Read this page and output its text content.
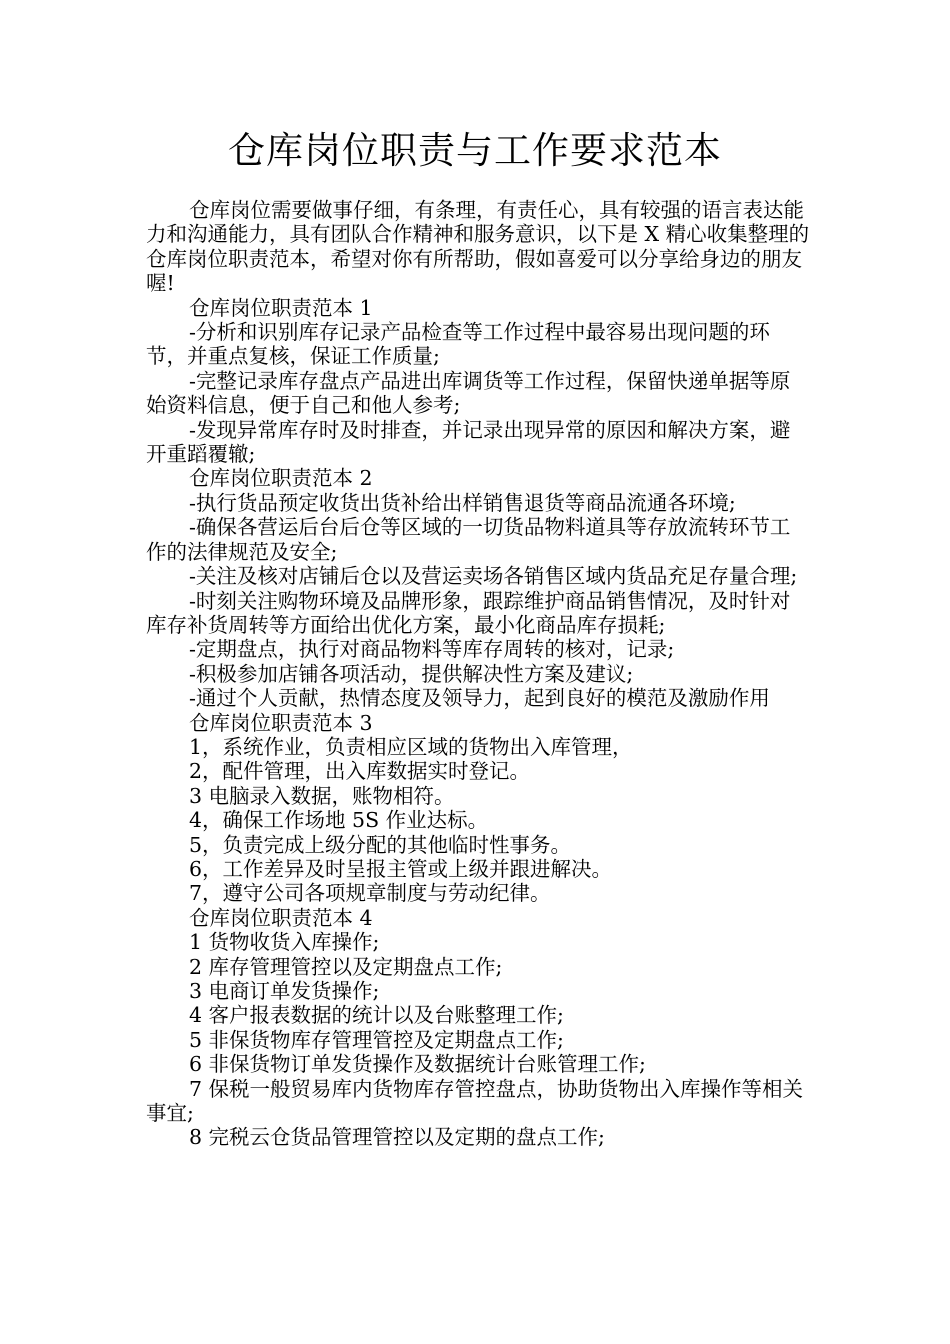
仓库岗位职责与工作要求范本

仓库岗位需要做事仔细，有条理，有责任心，具有较强的语言表达能力和沟通能力，具有团队合作精神和服务意识，以下是 X 精心收集整理的仓库岗位职责范本，希望对你有所帮助，假如喜爱可以分享给身边的朋友喔!

仓库岗位职责范本 1

-分析和识别库存记录产品检查等工作过程中最容易出现问题的环节，并重点复核，保证工作质量;

-完整记录库存盘点产品进出库调货等工作过程，保留快递单据等原始资料信息，便于自己和他人参考;

-发现异常库存时及时排查，并记录出现异常的原因和解决方案，避开重蹈覆辙;

仓库岗位职责范本 2

-执行货品预定收货出货补给出样销售退货等商品流通各环境;

-确保各营运后台后仓等区域的一切货品物料道具等存放流转环节工作的法律规范及安全;

-关注及核对店铺后仓以及营运卖场各销售区域内货品充足存量合理;

-时刻关注购物环境及品牌形象，跟踪维护商品销售情况，及时针对库存补货周转等方面给出优化方案，最小化商品库存损耗;

-定期盘点，执行对商品物料等库存周转的核对，记录;

-积极参加店铺各项活动，提供解决性方案及建议;

-通过个人贡献，热情态度及领导力，起到良好的模范及激励作用

仓库岗位职责范本 3

1，系统作业，负责相应区域的货物出入库管理，

2，配件管理，出入库数据实时登记。

3 电脑录入数据，账物相符。

4，确保工作场地 5S 作业达标。

5，负责完成上级分配的其他临时性事务。

6，工作差异及时呈报主管或上级并跟进解决。

7，遵守公司各项规章制度与劳动纪律。

仓库岗位职责范本 4

1 货物收货入库操作;

2 库存管理管控以及定期盘点工作;

3 电商订单发货操作;

4 客户报表数据的统计以及台账整理工作;

5 非保货物库存管理管控及定期盘点工作;

6 非保货物订单发货操作及数据统计台账管理工作;

7 保税一般贸易库内货物库存管控盘点，协助货物出入库操作等相关事宜;

8 完税云仓货品管理管控以及定期的盘点工作;
